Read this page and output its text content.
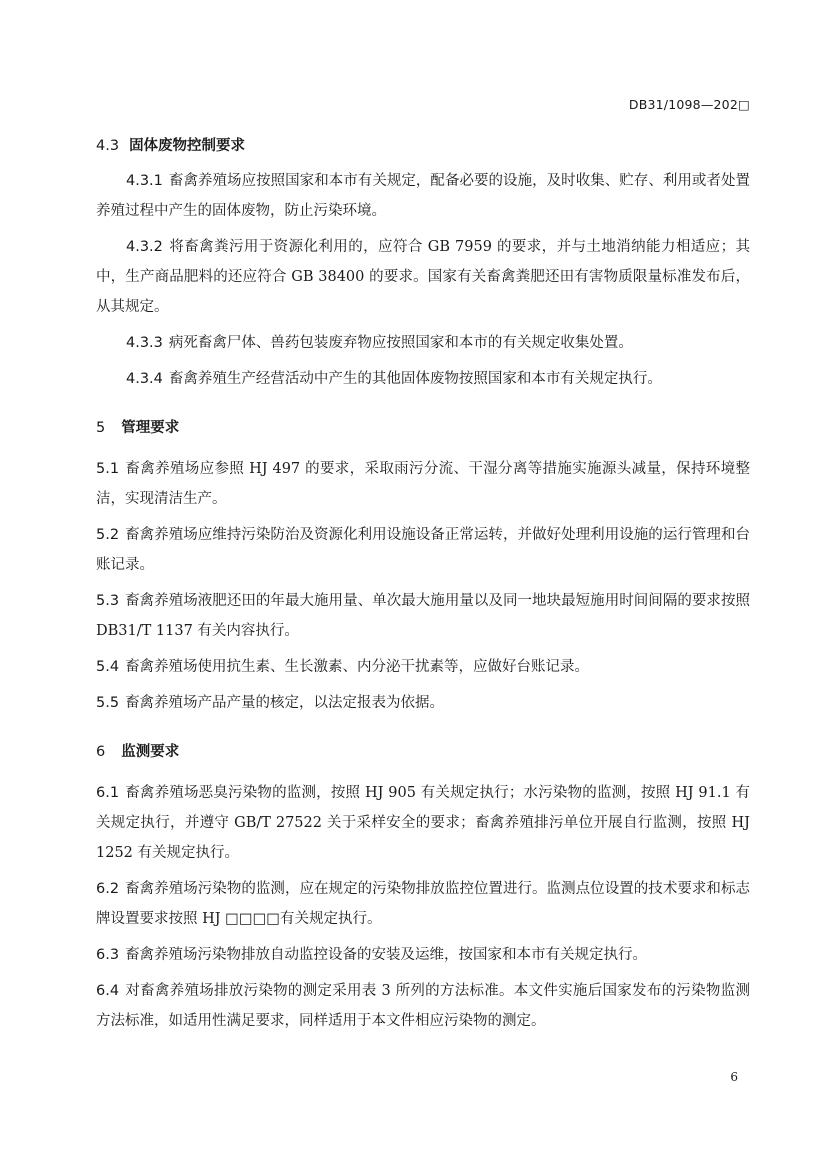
DB31/1098—202□
4.3 固体废物控制要求

4.3.1 畜禽养殖场应按照国家和本市有关规定，配备必要的设施，及时收集、贮存、利用或者处置养殖过程中产生的固体废物，防止污染环境。

4.3.2 将畜禽粪污用于资源化利用的，应符合 GB 7959 的要求，并与土地消纳能力相适应；其中，生产商品肥料的还应符合 GB 38400 的要求。国家有关畜禽粪肥还田有害物质限量标准发布后，从其规定。

4.3.3 病死畜禽尸体、兽药包装废弃物应按照国家和本市的有关规定收集处置。

4.3.4 畜禽养殖生产经营活动中产生的其他固体废物按照国家和本市有关规定执行。

5 管理要求

5.1 畜禽养殖场应参照 HJ 497 的要求，采取雨污分流、干湿分离等措施实施源头减量，保持环境整洁，实现清洁生产。

5.2 畜禽养殖场应维持污染防治及资源化利用设施设备正常运转，并做好处理利用设施的运行管理和台账记录。

5.3 畜禽养殖场液肥还田的年最大施用量、单次最大施用量以及同一地块最短施用时间间隔的要求按照 DB31/T 1137 有关内容执行。

5.4 畜禽养殖场使用抗生素、生长激素、内分泌干扰素等，应做好台账记录。

5.5 畜禽养殖场产品产量的核定，以法定报表为依据。

6 监测要求

6.1 畜禽养殖场恶臭污染物的监测，按照 HJ 905 有关规定执行；水污染物的监测，按照 HJ 91.1 有关规定执行，并遵守 GB/T 27522 关于采样安全的要求；畜禽养殖排污单位开展自行监测，按照 HJ 1252 有关规定执行。

6.2 畜禽养殖场污染物的监测，应在规定的污染物排放监控位置进行。监测点位设置的技术要求和标志牌设置要求按照 HJ □□□□有关规定执行。

6.3 畜禽养殖场污染物排放自动监控设备的安装及运维，按国家和本市有关规定执行。

6.4 对畜禽养殖场排放污染物的测定采用表 3 所列的方法标准。本文件实施后国家发布的污染物监测方法标准，如适用性满足要求，同样适用于本文件相应污染物的测定。

6
